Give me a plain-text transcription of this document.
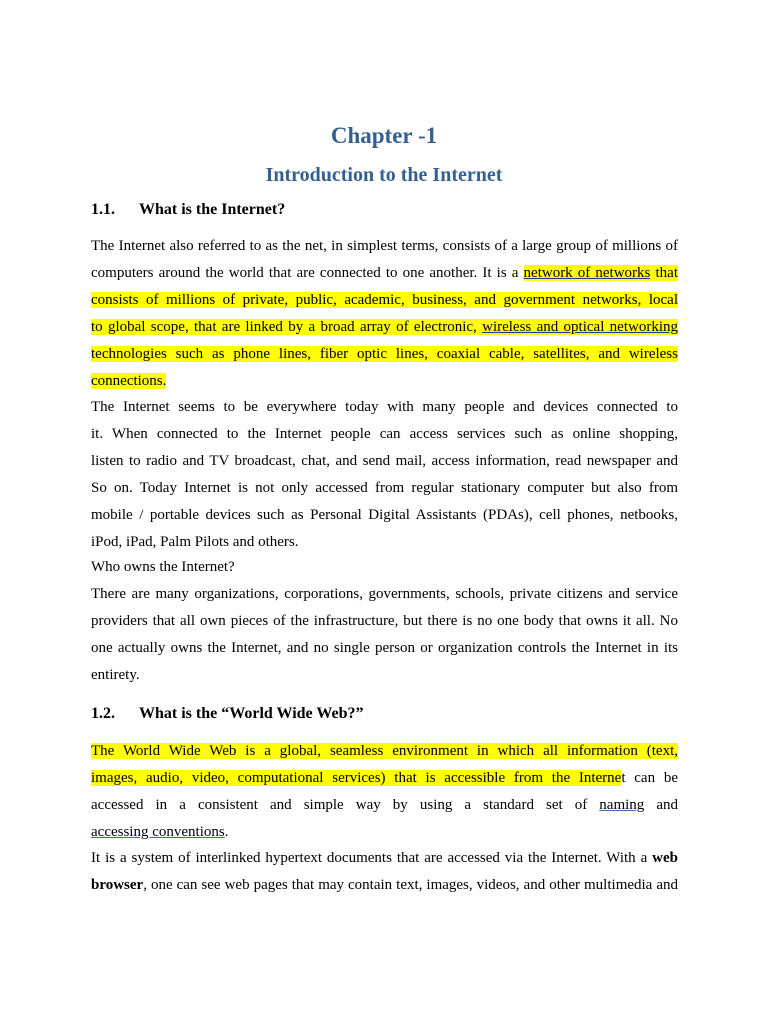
Chapter -1
Introduction to the Internet
1.1. What is the Internet?

The Internet also referred to as the net, in simplest terms, consists of a large group of millions of

computers around the world that are connected to one another. It is a network of networks that

consists of millions of private, public, academic, business, and government networks, local

to global scope, that are linked by a broad array of electronic, wireless and optical networking

technologies such as phone lines, fiber optic lines, coaxial cable, satellites, and wireless

connections.

The Internet seems to be everywhere today with many people and devices connected to

it. When connected to the Internet people can access services such as online shopping,

listen to radio and TV broadcast, chat, and send mail, access information, read newspaper and

So on. Today Internet is not only accessed from regular stationary computer but also from

mobile / portable devices such as Personal Digital Assistants (PDAs), cell phones, netbooks,

iPod, iPad, Palm Pilots and others.

Who owns the Internet?

There are many organizations, corporations, governments, schools, private citizens and service

providers that all own pieces of the infrastructure, but there is no one body that owns it all. No

one actually owns the Internet, and no single person or organization controls the Internet in its

entirety.

1.2. What is the “World Wide Web?”

The World Wide Web is a global, seamless environment in which all information (text,

images, audio, video, computational services) that is accessible from the Internet can be

accessed in a consistent and simple way by using a standard set of naming and

accessing conventions.

It is a system of interlinked hypertext documents that are accessed via the Internet. With a web

browser, one can see web pages that may contain text, images, videos, and other multimedia and
